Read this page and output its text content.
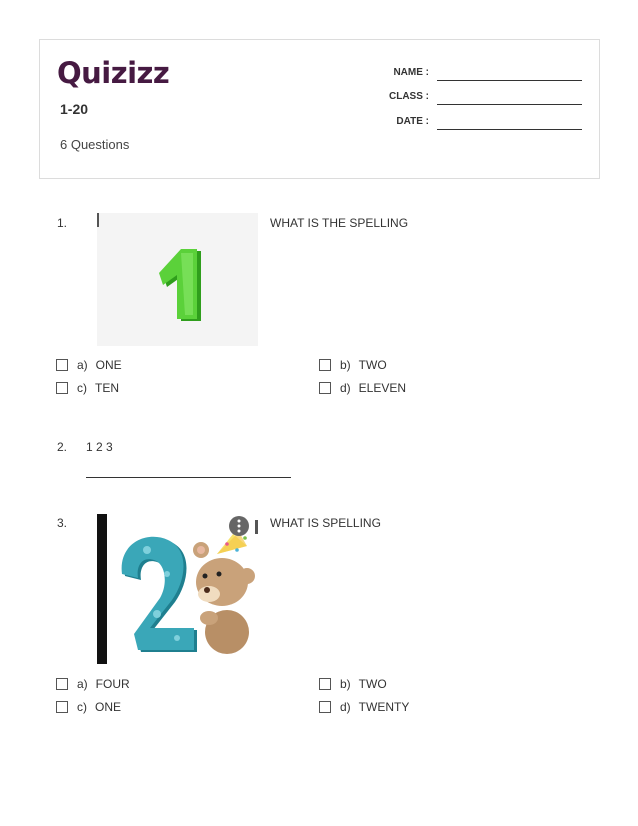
Quizizz
1-20
6 Questions
NAME :
CLASS :
DATE :
1.	WHAT IS THE SPELLING
a) ONE	b) TWO
c) TEN	d) ELEVEN
2. 1 2 3
3.	WHAT IS SPELLING
a) FOUR	b) TWO
c) ONE	d) TWENTY
